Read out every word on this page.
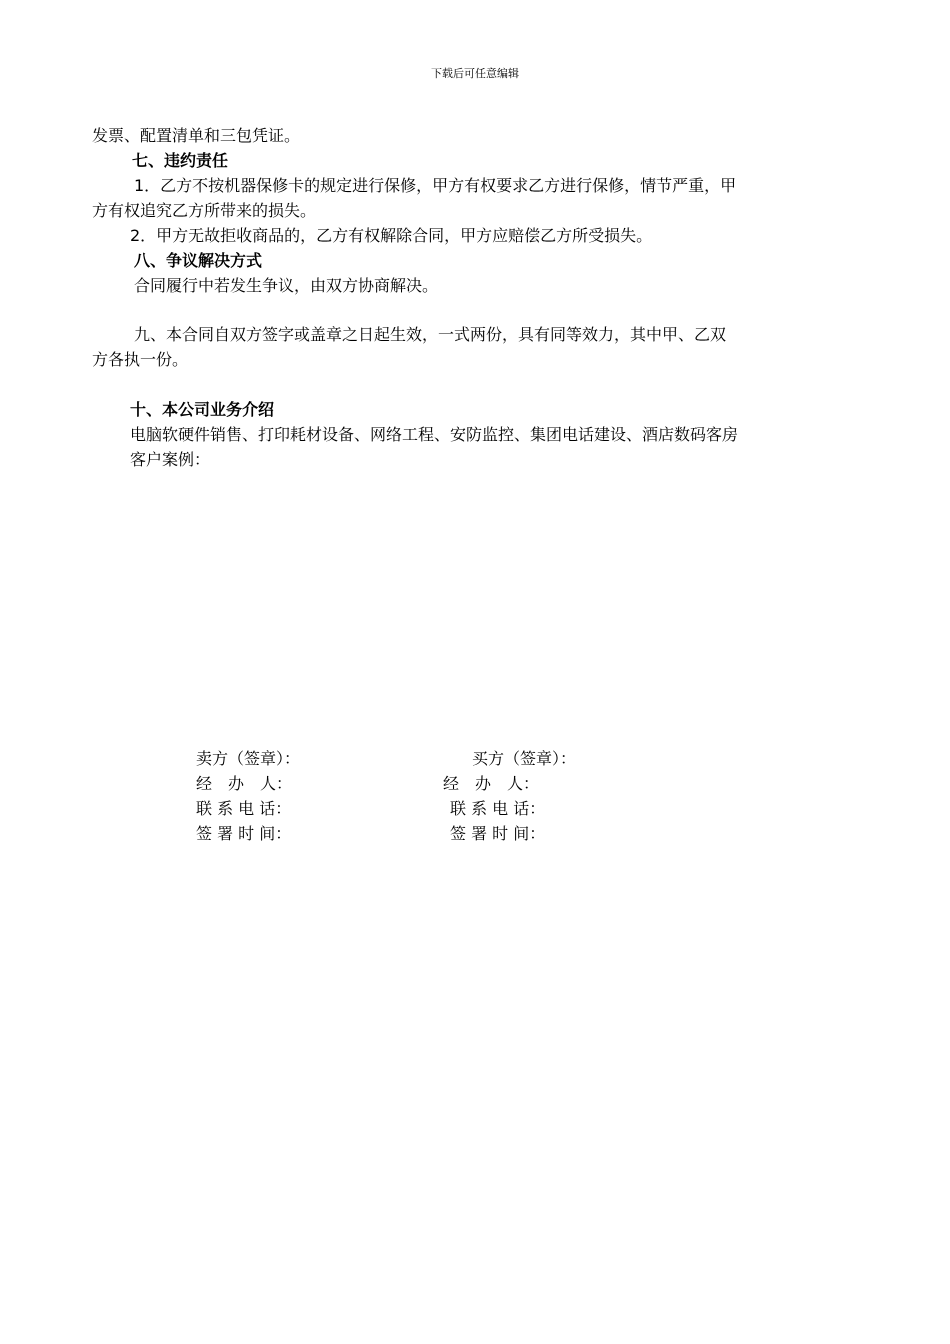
下载后可任意编辑
发票、配置清单和三包凭证。
七、违约责任
1．乙方不按机器保修卡的规定进行保修，甲方有权要求乙方进行保修，情节严重，甲
方有权追究乙方所带来的损失。
2．甲方无故拒收商品的，乙方有权解除合同，甲方应赔偿乙方所受损失。
八、争议解决方式
合同履行中若发生争议，由双方协商解决。
九、本合同自双方签字或盖章之日起生效，一式两份，具有同等效力，其中甲、乙双
方各执一份。
十、本公司业务介绍
电脑软硬件销售、打印耗材设备、网络工程、安防监控、集团电话建设、酒店数码客房
客户案例：
卖方（签章）：
经　办　人：
联 系 电 话：
签 署 时 间：
买方（签章）：
经　办　人：
联 系 电 话：
签 署 时 间：
